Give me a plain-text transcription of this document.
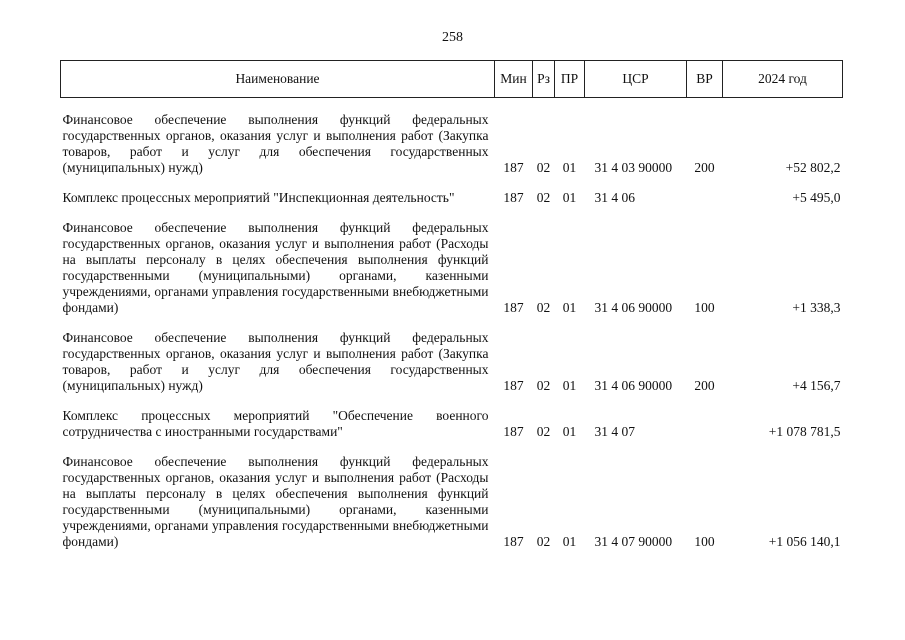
258
Наименование	Мин	Рз	ПР	ЦСР	ВР	2024 год

Финансовое обеспечение выполнения функций федеральных государственных органов, оказания услуг и выполнения работ (Закупка товаров, работ и услуг для обеспечения государственных (муниципальных) нужд)	187	02	01	31 4 03 90000	200	+52 802,2

Комплекс процессных мероприятий "Инспекционная деятельность"	187	02	01	31 4 06		+5 495,0

Финансовое обеспечение выполнения функций федеральных государственных органов, оказания услуг и выполнения работ (Расходы на выплаты персоналу в целях обеспечения выполнения функций государственными (муниципальными) органами, казенными учреждениями, органами управления государственными внебюджетными фондами)	187	02	01	31 4 06 90000	100	+1 338,3

Финансовое обеспечение выполнения функций федеральных государственных органов, оказания услуг и выполнения работ (Закупка товаров, работ и услуг для обеспечения государственных (муниципальных) нужд)	187	02	01	31 4 06 90000	200	+4 156,7

Комплекс процессных мероприятий "Обеспечение военного сотрудничества с иностранными государствами"	187	02	01	31 4 07		+1 078 781,5

Финансовое обеспечение выполнения функций федеральных государственных органов, оказания услуг и выполнения работ (Расходы на выплаты персоналу в целях обеспечения выполнения функций государственными (муниципальными) органами, казенными учреждениями, органами управления государственными внебюджетными фондами)	187	02	01	31 4 07 90000	100	+1 056 140,1
